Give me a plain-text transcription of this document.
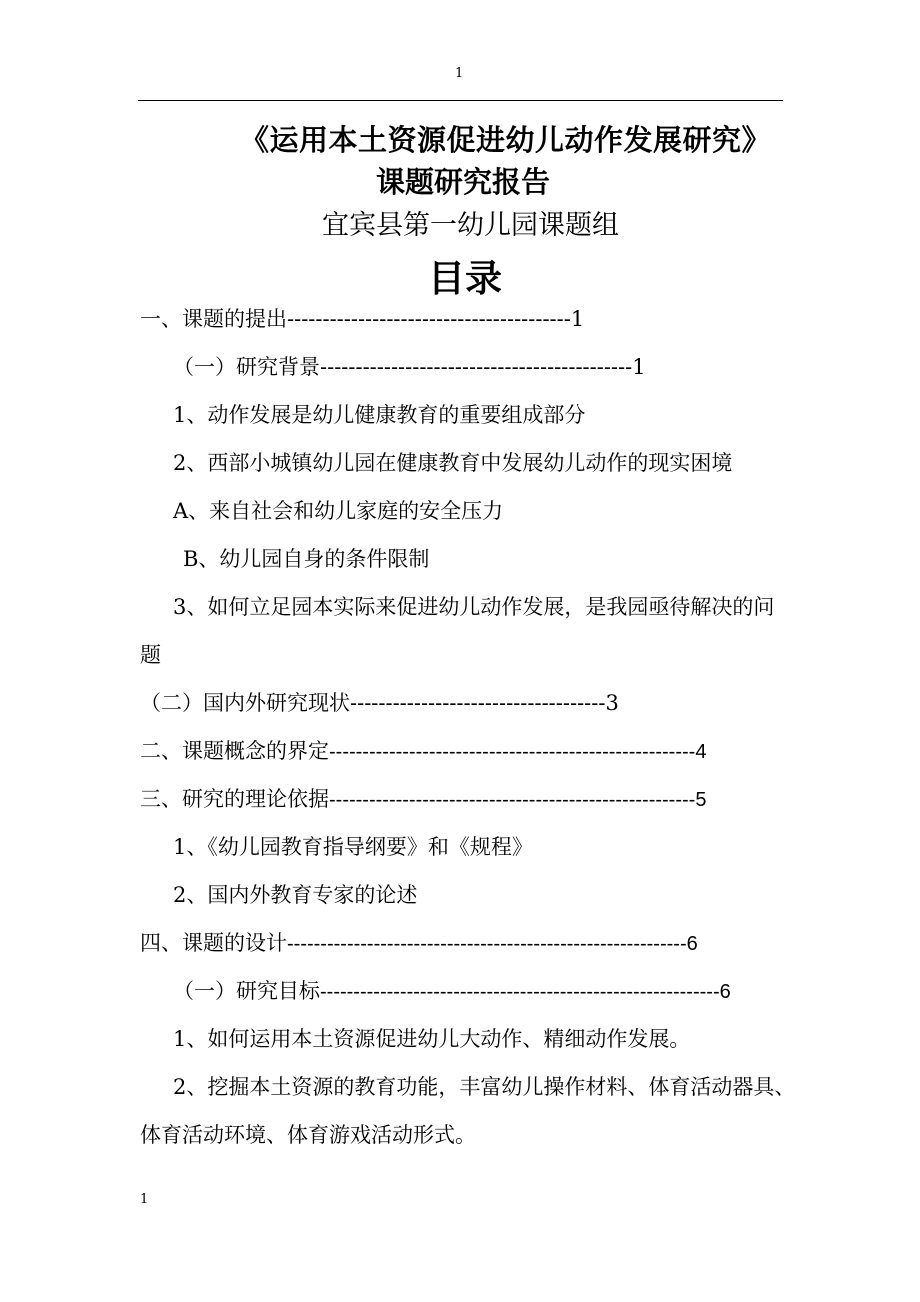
1
《运用本土资源促进幼儿动作发展研究》
课题研究报告
宜宾县第一幼儿园课题组
目录
一、课题的提出----------------------------------------1
（一）研究背景--------------------------------------------1
1、动作发展是幼儿健康教育的重要组成部分
2、西部小城镇幼儿园在健康教育中发展幼儿动作的现实困境
A、来自社会和幼儿家庭的安全压力
B、幼儿园自身的条件限制
3、如何立足园本实际来促进幼儿动作发展，是我园亟待解决的问
题
（二）国内外研究现状------------------------------------3
二、课题概念的界定-------------------------------------------------------4
三、研究的理论依据-------------------------------------------------------5
1、《幼儿园教育指导纲要》和《规程》
2、国内外教育专家的论述
四、课题的设计------------------------------------------------------------6
（一）研究目标------------------------------------------------------------6
1、如何运用本土资源促进幼儿大动作、精细动作发展。
2、挖掘本土资源的教育功能，丰富幼儿操作材料、体育活动器具、
体育活动环境、体育游戏活动形式。
1
